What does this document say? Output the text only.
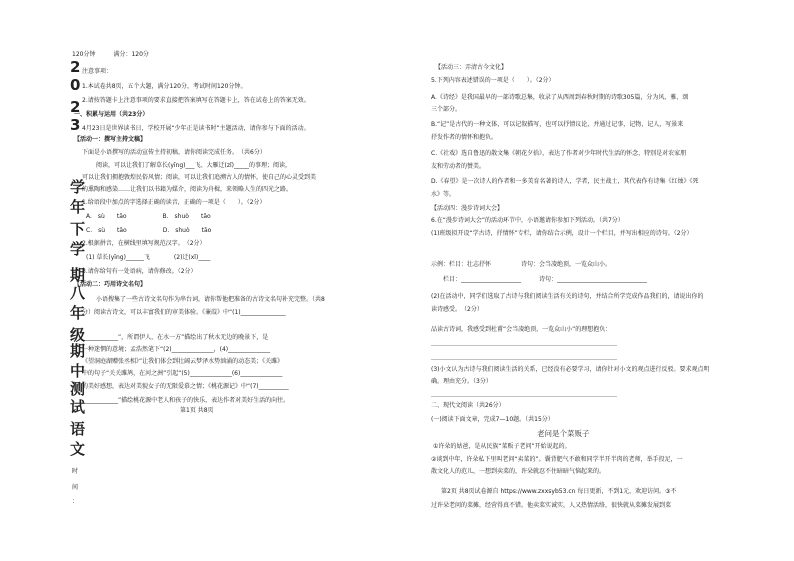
120分钟　　　满分：120分
2
0
2
3
学
年
下
学
期
八
年
级
期
中
测
试
语
文
时
间
：
注意事项：
1.本试卷共8页，五个大题，满分120分，考试时间120分钟。
2.请按答题卡上注意事项的要求直接把答案填写在答题卡上，答在试卷上的答案无效。
一、积累与运用（共23分）
4月23日是世界读书日，学校开展“少年正是读书时”主题活动，请你参与下面的活动。
【活动一：撰写主持文稿】
下面是小语撰写的活动宣传主持初稿，请你阅读完成任务。　（共6分）
阅读，可以让我们了解草长(yīng)___飞、大雁迁(zǐ)_____的事理；阅读，
可以让我们拥抱敦煌民俗风情；阅读，可以让我们追溯古人的情怀，使自己的心灵受到美
的熏陶和感染……让我们以书籍为媒介，阅读为舟楫，来领略人生的四光之路。
1.给语段中加点的字选择正确的读音，正确的一项是（　　）。（2分）
A.　sù　　tāo　　　　　　B.　shuò　　tāo
C.　sù　　tāo　　　　　　D.　shuò　　tāo
2.根据拼音，在横线里填写规范汉字。　（2分）
(1) 草长(yīng)______飞　　　　(2)迁(xǐ)____
3.请你给句有一处语病，请你修改。（2分）
【活动二：巧用诗文名句】
小语搜集了一些古诗文名句作为串台词，请你帮他把准备的古诗文名句补充完整。（共8
分）阅读古诗文，可以丰富我们的审美体验。《蒹葭》中“(1)_______________
____________”，所谓伊人，在水一方”描绘出了秋水无边的晚景下，是
一种迷惘的意境；孟浩然笔下“(2)______________，(4)______________
《望洞庭湖赠张丞相》”让我们体会到壮阔云梦泽水势汹涌的动态美；《关雎》
中的句子“关关雎鸠，在河之洲”引起“(5)______________(6)______________
的美好感想，表达对美貌女子的无限爱慕之情；《桃花源记》中“(7)__________
____________”描绘桃花源中老人和孩子的快乐，表达作者对美好生活的向往。
第1页 共8页
【活动三：弄清古今文化】
5.下列内容表述错误的一项是（　　）。（2分）
A.《诗经》是我国最早的一部诗歌总集，收录了从西周到春秋时期的诗歌305篇，分为风、雅、颂
三个部分。
B.“记”是古代的一种文体，可以记叙描写，也可以抒情议论，并通过记事，记物，记人，写景来
抒发作者的情怀和抱负。
C.《社戏》选自鲁迅的散文集《朝花夕拾》，表达了作者对少年时代生活的怀念，特别是对农家朋
友和劳动者的赞美。
D.《春望》是一次诗人的作者和一多美育名著的诗人，学者，民主战士，其代表作有诗集《红烛》《死
水》等。
【活动四：漫步诗词大会】
6.在“漫步诗词大会”的活动环节中，小语邀请你参加下列活动。（共7分）
(1)班级拟开设“学古诗，抒情怀”专栏，请你结合示例，设计一个栏目，并写出相应的诗句。（2分）
示例：栏目：壮志抒怀　　　　　诗句：会当凌绝顶，一览众山小。
栏目：____________________　　　诗句：______________________________
(2)在活动中，同学们选取了古诗与我们阅读生活有关的诗句，并结合所学完成作品我们的，请说出你的
读诗感受。　（2分）
品读古诗词，我感受到杜甫“会当凌绝顶，一览众山小”的理想抱负：
______________________________________________________________
______________________________________________________________
(3)小文认为古诗与我们阅读生活的关系，已经没有必要学习，请你针对小文的观点进行反驳。要求观点明
确，理由充分。（3分）
______________________________________________________________
二、现代文阅读（共26分）
(一)阅读下面文章，完成7—10题。（共15分）
老问是个菜贩子
①许朵的姑爸，是从民族“菜贩子老问”开始说起的。
②谈到中年，许朵私下里叫老问“卖菜的”。囊背肥气不敢和同学半开半肉的老师，举手投足，一
散文化人的范儿，一想到卖菜的，许朵就忍不住暗暗气恼起来的。
第2页 共8页试卷源自 https://www.zxxsyb53.cn 每日更新，不到1元，欢迎访问。③不
过许朵老问的菜摊，经营得真不错。他卖菜实诚实，人又热情活络，很快就从菜摊发展到菜
